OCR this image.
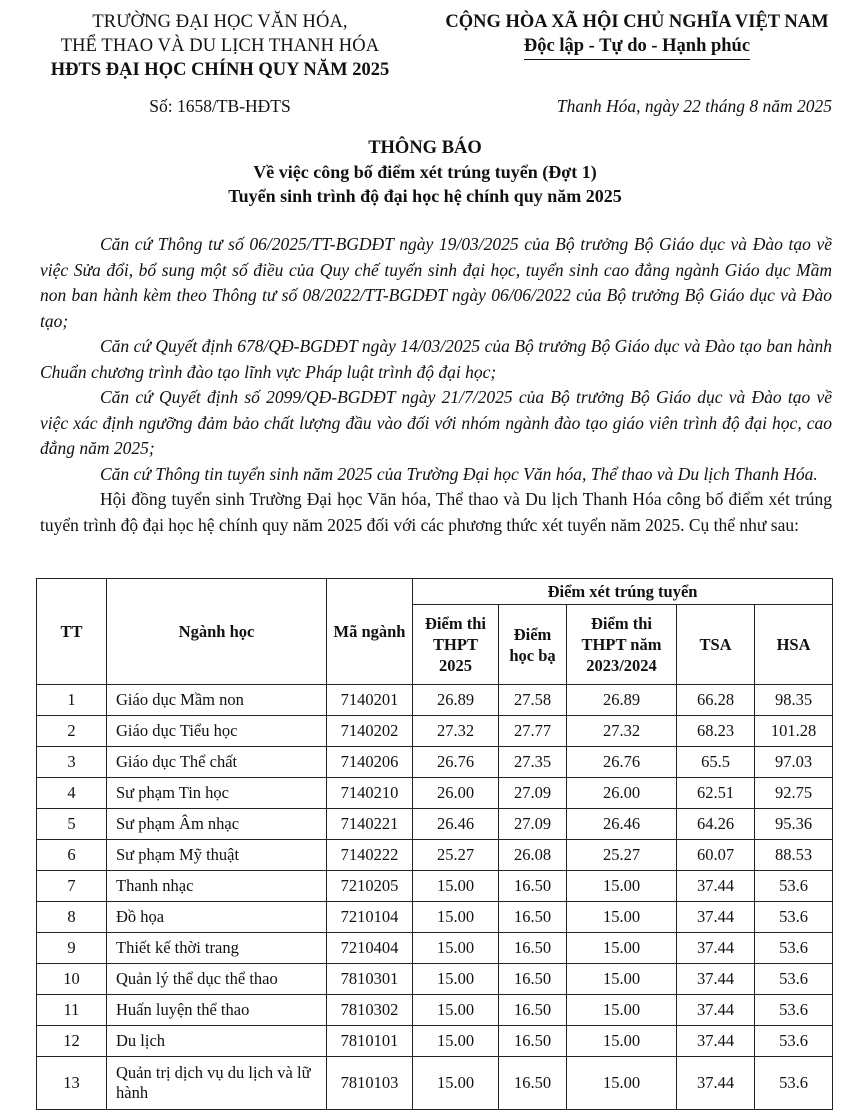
TRƯỜNG ĐẠI HỌC VĂN HÓA,
THỂ THAO VÀ DU LỊCH THANH HÓA
HĐTS ĐẠI HỌC CHÍNH QUY NĂM 2025
CỘNG HÒA XÃ HỘI CHỦ NGHĨA VIỆT NAM
Độc lập - Tự do - Hạnh phúc
Số: 1658/TB-HĐTS	Thanh Hóa, ngày 22 tháng 8 năm 2025
THÔNG BÁO
Về việc công bố điểm xét trúng tuyển (Đợt 1)
Tuyển sinh trình độ đại học hệ chính quy năm 2025

Căn cứ Thông tư số 06/2025/TT-BGDĐT ngày 19/03/2025 của Bộ trưởng Bộ Giáo dục và Đào tạo về việc Sửa đổi, bổ sung một số điều của Quy chế tuyển sinh đại học, tuyển sinh cao đẳng ngành Giáo dục Mầm non ban hành kèm theo Thông tư số 08/2022/TT-BGDĐT ngày 06/06/2022 của Bộ trưởng Bộ Giáo dục và Đào tạo;

Căn cứ Quyết định 678/QĐ-BGDĐT ngày 14/03/2025 của Bộ trưởng Bộ Giáo dục và Đào tạo ban hành Chuẩn chương trình đào tạo lĩnh vực Pháp luật trình độ đại học;

Căn cứ Quyết định số 2099/QĐ-BGDĐT ngày 21/7/2025 của Bộ trưởng Bộ Giáo dục và Đào tạo về việc xác định ngưỡng đảm bảo chất lượng đầu vào đối với nhóm ngành đào tạo giáo viên trình độ đại học, cao đẳng năm 2025;

Căn cứ Thông tin tuyển sinh năm 2025 của Trường Đại học Văn hóa, Thể thao và Du lịch Thanh Hóa.

Hội đồng tuyển sinh Trường Đại học Văn hóa, Thể thao và Du lịch Thanh Hóa công bố điểm xét trúng tuyển trình độ đại học hệ chính quy năm 2025 đối với các phương thức xét tuyển năm 2025. Cụ thể như sau:

TT	Ngành học	Mã ngành	Điểm xét trúng tuyển				
			Điểm thi THPT 2025	Điểm học bạ	Điểm thi THPT năm 2023/2024	TSA	HSA
1	Giáo dục Mầm non	7140201	26.89	27.58	26.89	66.28	98.35
2	Giáo dục Tiểu học	7140202	27.32	27.77	27.32	68.23	101.28
3	Giáo dục Thể chất	7140206	26.76	27.35	26.76	65.5	97.03
4	Sư phạm Tin học	7140210	26.00	27.09	26.00	62.51	92.75
5	Sư phạm Âm nhạc	7140221	26.46	27.09	26.46	64.26	95.36
6	Sư phạm Mỹ thuật	7140222	25.27	26.08	25.27	60.07	88.53
7	Thanh nhạc	7210205	15.00	16.50	15.00	37.44	53.6
8	Đồ họa	7210104	15.00	16.50	15.00	37.44	53.6
9	Thiết kế thời trang	7210404	15.00	16.50	15.00	37.44	53.6
10	Quản lý thể dục thể thao	7810301	15.00	16.50	15.00	37.44	53.6
11	Huấn luyện thể thao	7810302	15.00	16.50	15.00	37.44	53.6
12	Du lịch	7810101	15.00	16.50	15.00	37.44	53.6
13	Quản trị dịch vụ du lịch và lữ hành	7810103	15.00	16.50	15.00	37.44	53.6
